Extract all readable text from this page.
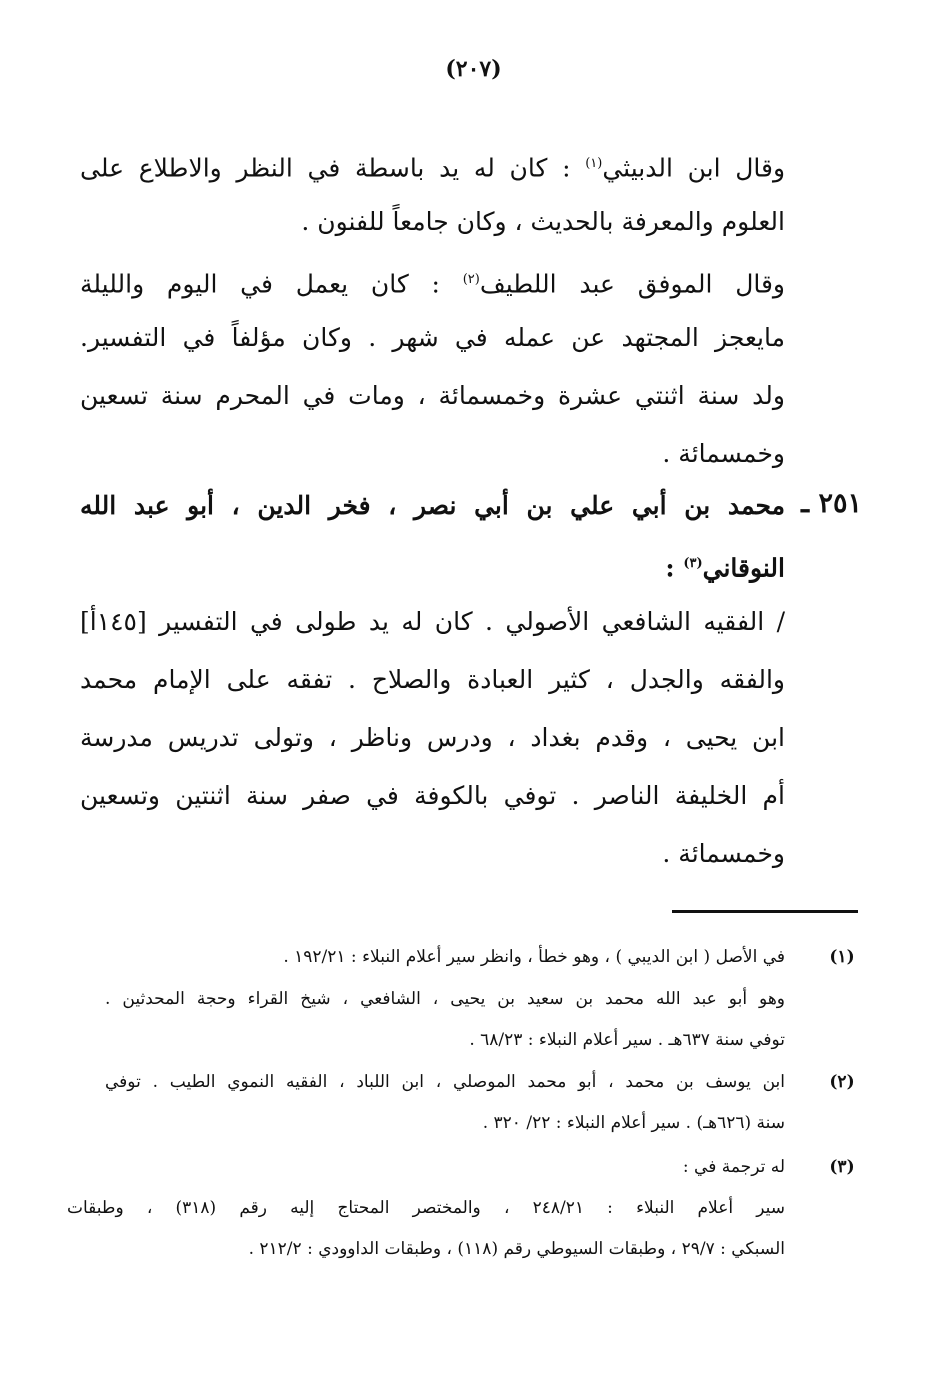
(٢٠٧)
وقال ابن الدبيثي$^{(١)}$ : كان له يد باسطة في النظر والاطلاع على
العلوم والمعرفة بالحديث ، وكان جامعاً للفنون .
وقال الموفق عبد اللطيف$^{(٢)}$ : كان يعمل في اليوم والليلة
مايعجز المجتهد عن عمله في شهر . وكان مؤلفاً في التفسير.
ولد سنة اثنتي عشرة وخمسمائة ، ومات في المحرم سنة تسعين
وخمسمائة .
٢٥١ ـ
محمد بن أبي علي بن أبي نصر ، فخر الدين ، أبو عبد الله
النوقاني$^{(٣)}$ :
/ الفقيه الشافعي الأصولي . كان له يد طولى في التفسير [١٤٥أ]
والفقه والجدل ، كثير العبادة والصلاح . تفقه على الإمام محمد
ابن يحيى ، وقدم بغداد ، ودرس وناظر ، وتولى تدريس مدرسة
أم الخليفة الناصر . توفي بالكوفة في صفر سنة اثنتين وتسعين
وخمسمائة .
(١)
في الأصل ( ابن الديبي ) ، وهو خطأ ، وانظر سير أعلام النبلاء : ١٩٢/٢١ .
وهو أبو عبد الله محمد بن سعيد بن يحيى ، الشافعي ، شيخ القراء وحجة المحدثين .
توفي سنة ٦٣٧هـ . سير أعلام النبلاء : ٦٨/٢٣ .
(٢)
ابن يوسف بن محمد ، أبو محمد الموصلي ، ابن اللباد ، الفقيه النموي الطيب . توفي
سنة (٦٢٦هـ) . سير أعلام النبلاء : ٢٢/ ٣٢٠ .
(٣)
له ترجمة في :
سير أعلام النبلاء : ٢٤٨/٢١ ، والمختصر المحتاج إليه رقم (٣١٨) ، وطبقات
السبكي : ٢٩/٧ ، وطبقات السيوطي رقم (١١٨) ، وطبقات الداوودي : ٢١٢/٢ .
